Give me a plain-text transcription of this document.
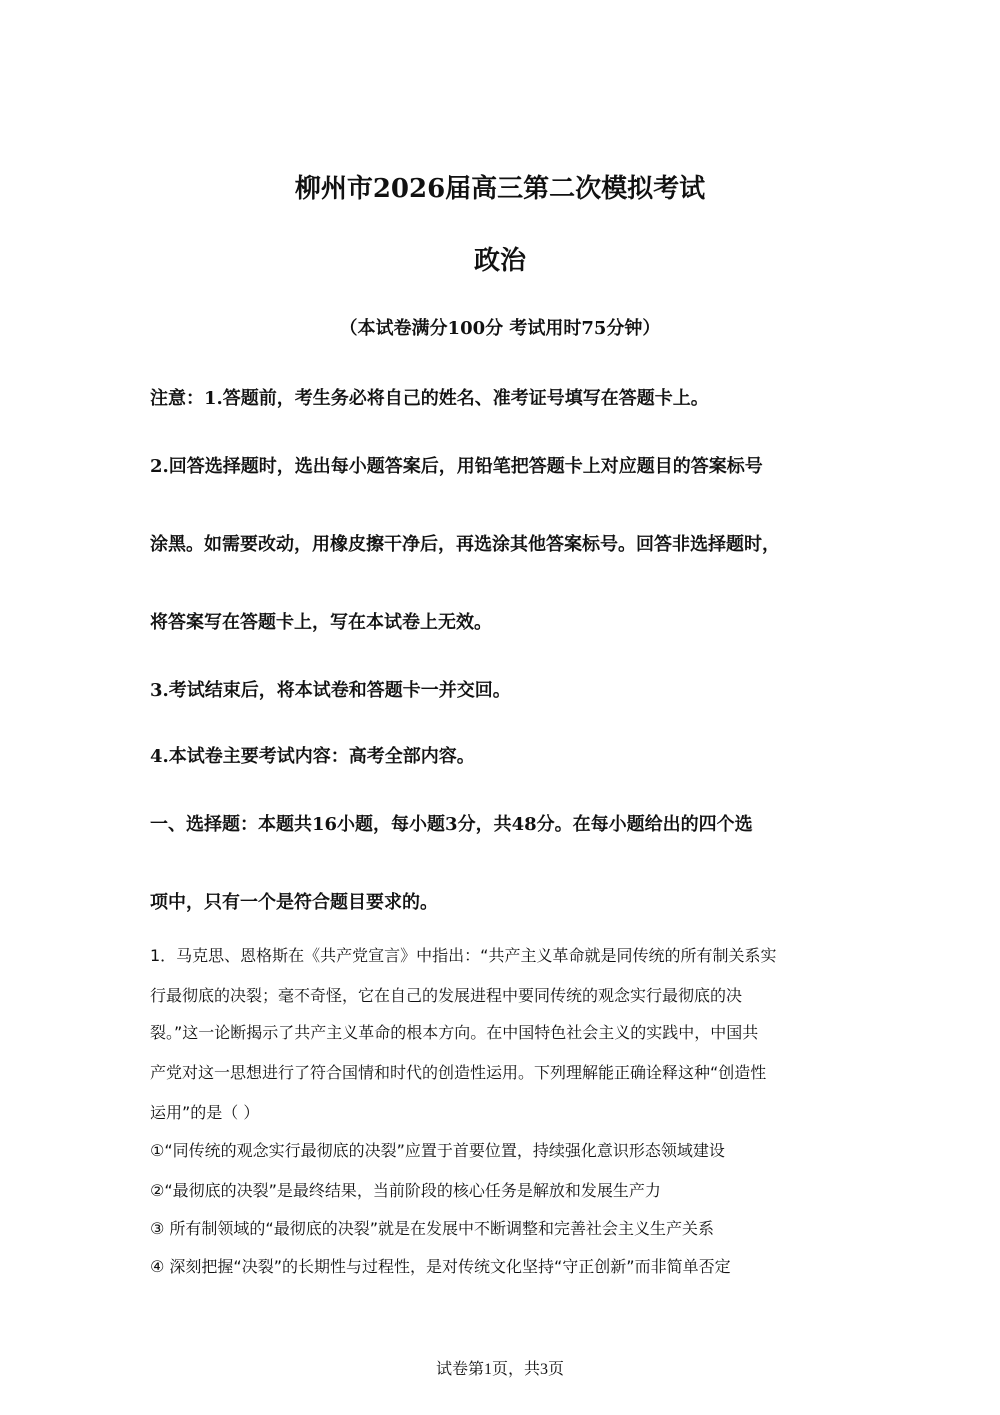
柳州市2026届高三第二次模拟考试
政治
（本试卷满分100分 考试用时75分钟）
注意：1.答题前，考生务必将自己的姓名、准考证号填写在答题卡上。
2.回答选择题时，选出每小题答案后，用铅笔把答题卡上对应题目的答案标号
涂黑。如需要改动，用橡皮擦干净后，再选涂其他答案标号。回答非选择题时，
将答案写在答题卡上，写在本试卷上无效。
3.考试结束后，将本试卷和答题卡一并交回。
4.本试卷主要考试内容：高考全部内容。
一、选择题：本题共16小题，每小题3分，共48分。在每小题给出的四个选
项中，只有一个是符合题目要求的。
1．马克思、恩格斯在《共产党宣言》中指出：“共产主义革命就是同传统的所有制关系实
行最彻底的决裂；毫不奇怪，它在自己的发展进程中要同传统的观念实行最彻底的决
裂。”这一论断揭示了共产主义革命的根本方向。在中国特色社会主义的实践中，中国共
产党对这一思想进行了符合国情和时代的创造性运用。下列理解能正确诠释这种“创造性
运用”的是（ ）
①“同传统的观念实行最彻底的决裂”应置于首要位置，持续强化意识形态领域建设
②“最彻底的决裂”是最终结果，当前阶段的核心任务是解放和发展生产力
③ 所有制领域的“最彻底的决裂”就是在发展中不断调整和完善社会主义生产关系
④ 深刻把握“决裂”的长期性与过程性，是对传统文化坚持“守正创新”而非简单否定
试卷第1页，共3页
